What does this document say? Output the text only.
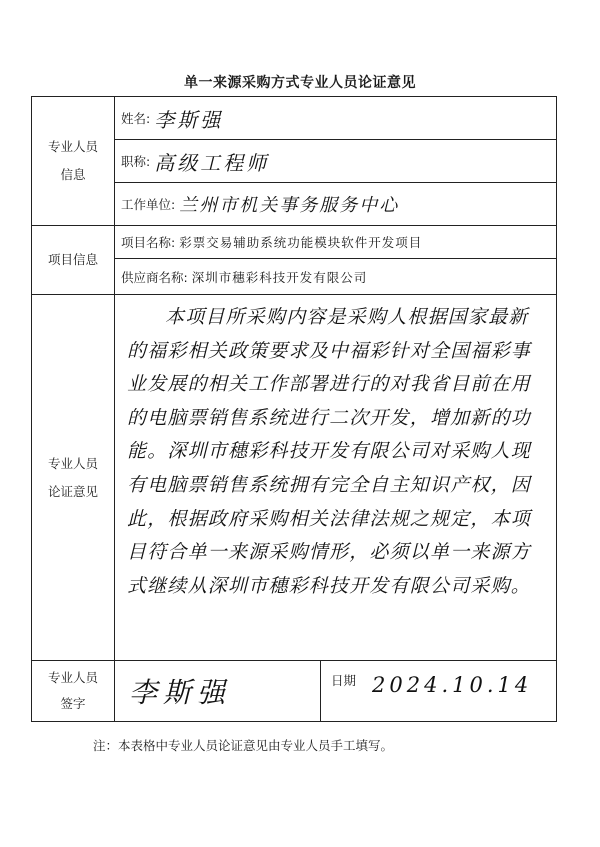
单一来源采购方式专业人员论证意见
专业人员
信息	姓名: 李斯强	

	职称: 高级工程师	

	工作单位: 兰州市机关事务服务中心	

项目信息	项目名称: 彩票交易辅助系统功能模块软件开发项目	

	供应商名称: 深圳市穗彩科技开发有限公司	

专业人员
论证意见	本项目所采购内容是采购人根据国家最新的福彩相关政策要求及中福彩针对全国福彩事业发展的相关工作部署进行的对我省目前在用的电脑票销售系统进行二次开发，增加新的功能。深圳市穗彩科技开发有限公司对采购人现有电脑票销售系统拥有完全自主知识产权，因此，根据政府采购相关法律法规之规定，本项目符合单一来源采购情形，必须以单一来源方式继续从深圳市穗彩科技开发有限公司采购。	

专业人员
签字	李斯强	日期 2024.10.14
注：本表格中专业人员论证意见由专业人员手工填写。
